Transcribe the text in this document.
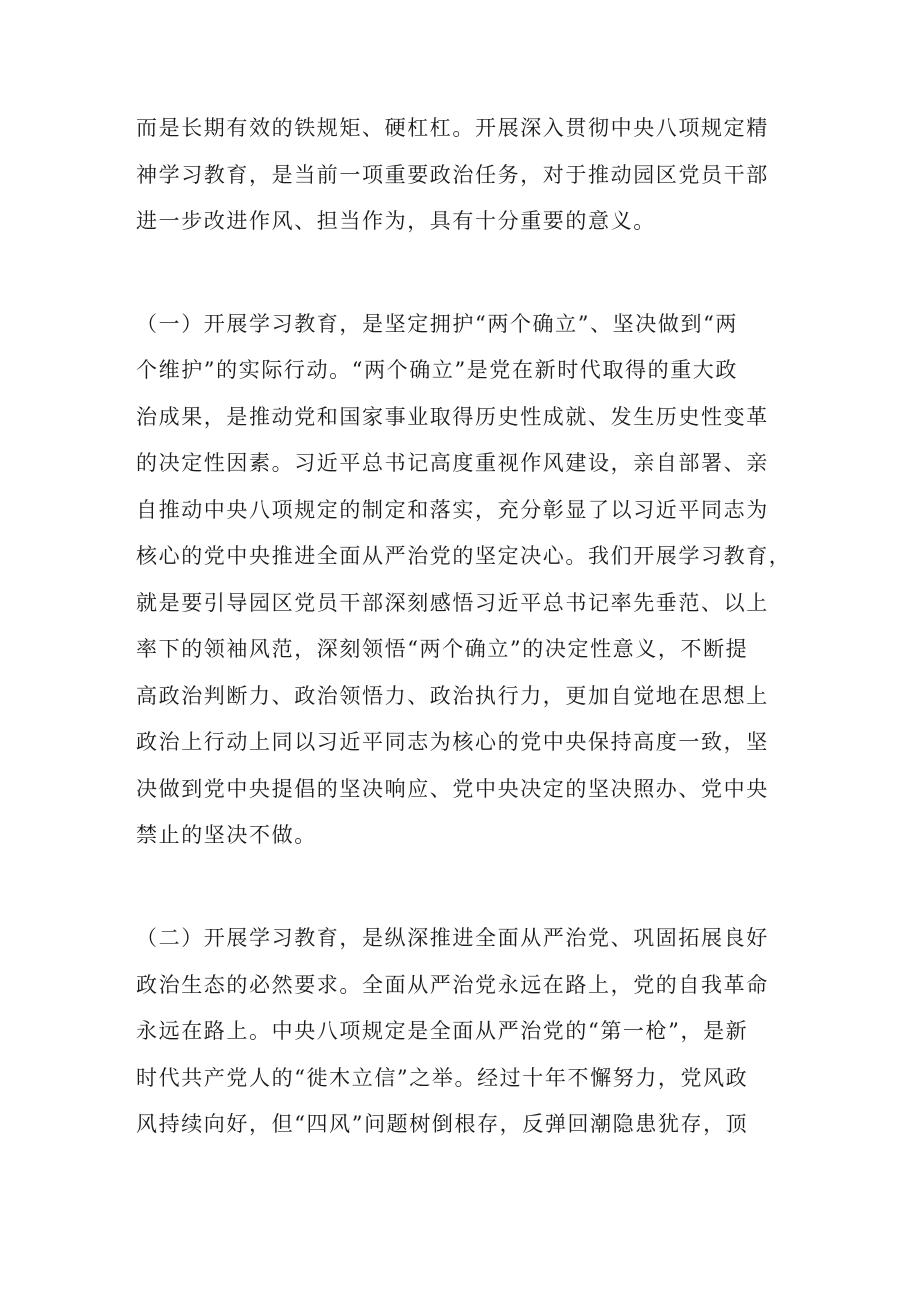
而是长期有效的铁规矩、硬杠杠。开展深入贯彻中央八项规定精
神学习教育，是当前一项重要政治任务，对于推动园区党员干部
进一步改进作风、担当作为，具有十分重要的意义。
（一）开展学习教育，是坚定拥护“两个确立”、坚决做到“两
个维护”的实际行动。“两个确立”是党在新时代取得的重大政
治成果，是推动党和国家事业取得历史性成就、发生历史性变革
的决定性因素。习近平总书记高度重视作风建设，亲自部署、亲
自推动中央八项规定的制定和落实，充分彰显了以习近平同志为
核心的党中央推进全面从严治党的坚定决心。我们开展学习教育，
就是要引导园区党员干部深刻感悟习近平总书记率先垂范、以上
率下的领袖风范，深刻领悟“两个确立”的决定性意义，不断提
高政治判断力、政治领悟力、政治执行力，更加自觉地在思想上
政治上行动上同以习近平同志为核心的党中央保持高度一致，坚
决做到党中央提倡的坚决响应、党中央决定的坚决照办、党中央
禁止的坚决不做。
（二）开展学习教育，是纵深推进全面从严治党、巩固拓展良好
政治生态的必然要求。全面从严治党永远在路上，党的自我革命
永远在路上。中央八项规定是全面从严治党的“第一枪”，是新
时代共产党人的“徙木立信”之举。经过十年不懈努力，党风政
风持续向好，但“四风”问题树倒根存，反弹回潮隐患犹存，顶
